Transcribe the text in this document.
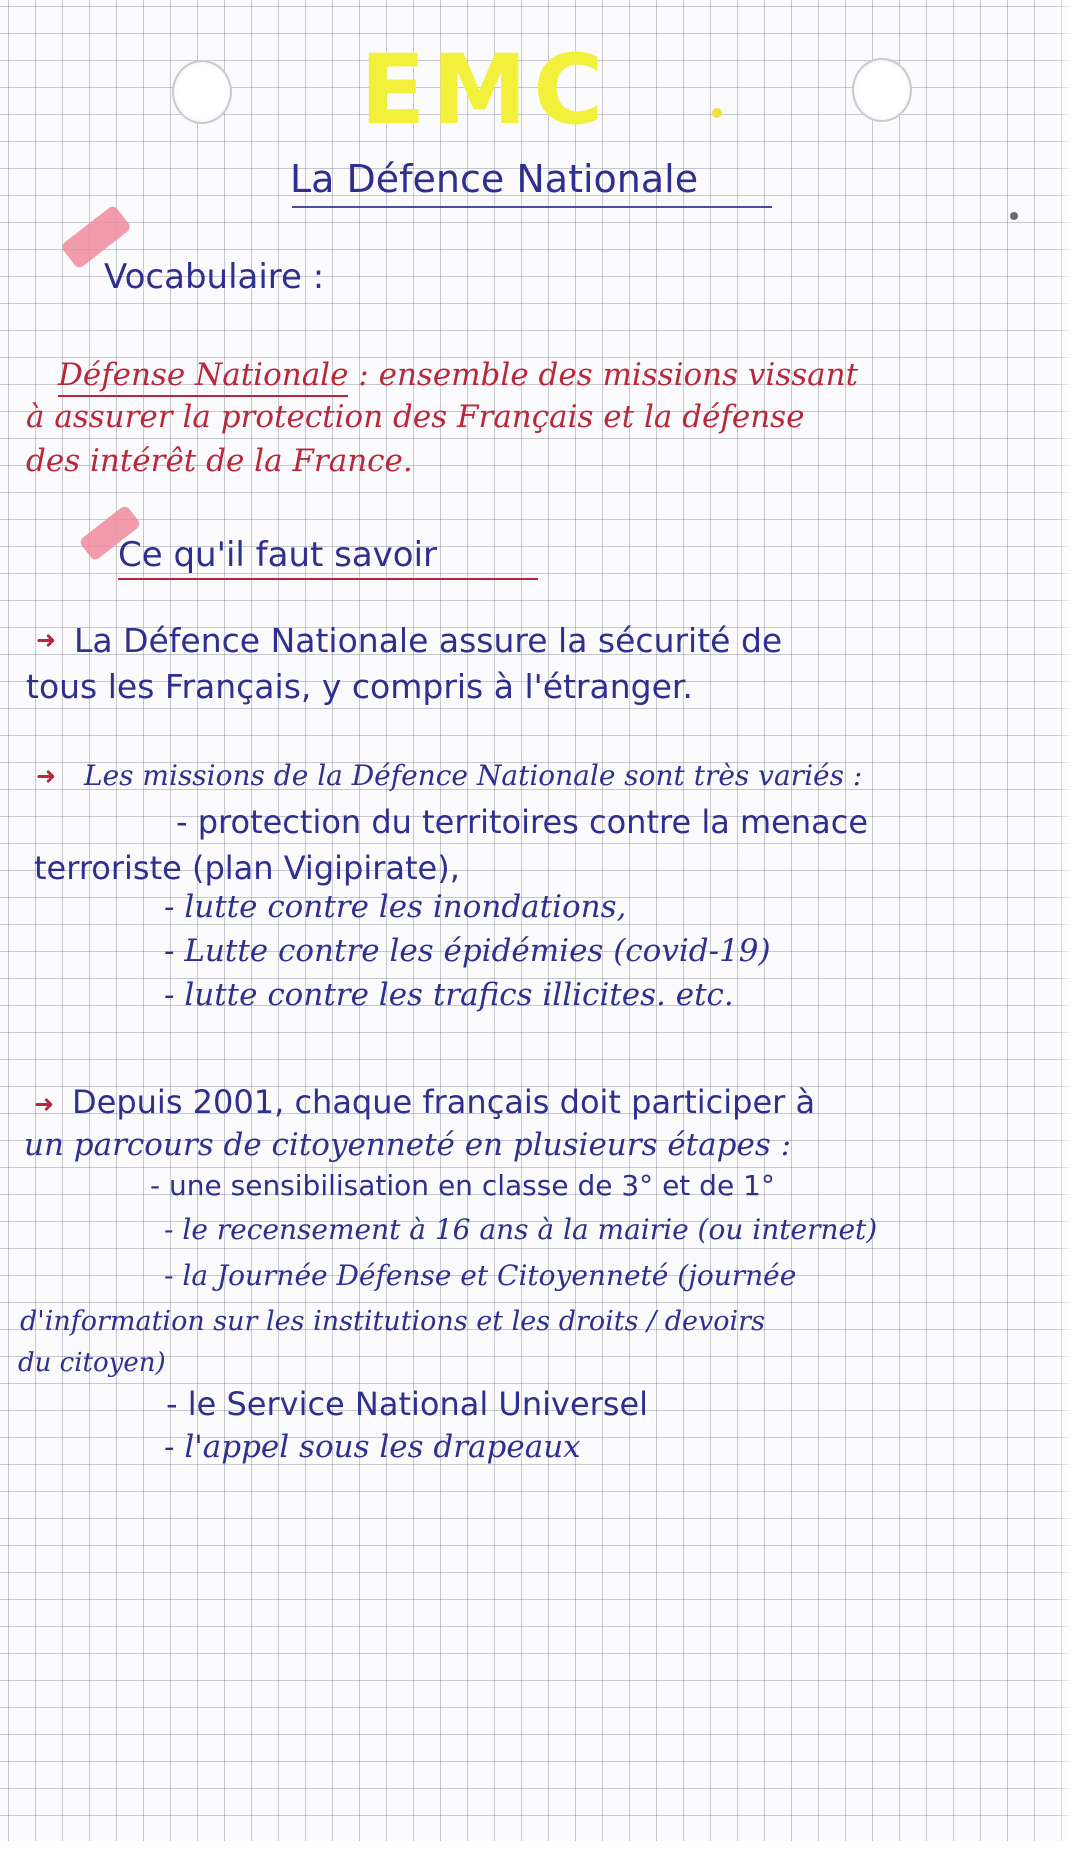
EMC
La Défence Nationale
Vocabulaire :
Défense Nationale : ensemble des missions vissant
à assurer la protection des Français et la défense
des intérêt de la France.
Ce qu'il faut savoir
➜ La Défence Nationale assure la sécurité de
tous les Français, y compris à l'étranger.
➜ Les missions de la Défence Nationale sont très variés :
- protection du territoires contre la menace
terroriste (plan Vigipirate),
- lutte contre les inondations,
- Lutte contre les épidémies (covid-19)
- lutte contre les trafics illicites. etc.
➜ Depuis 2001, chaque français doit participer à
un parcours de citoyenneté en plusieurs étapes :
- une sensibilisation en classe de 3° et de 1°
- le recensement à 16 ans à la mairie (ou internet)
- la Journée Défense et Citoyenneté (journée
d'information sur les institutions et les droits / devoirs
du citoyen)
- le Service National Universel
- l'appel sous les drapeaux
